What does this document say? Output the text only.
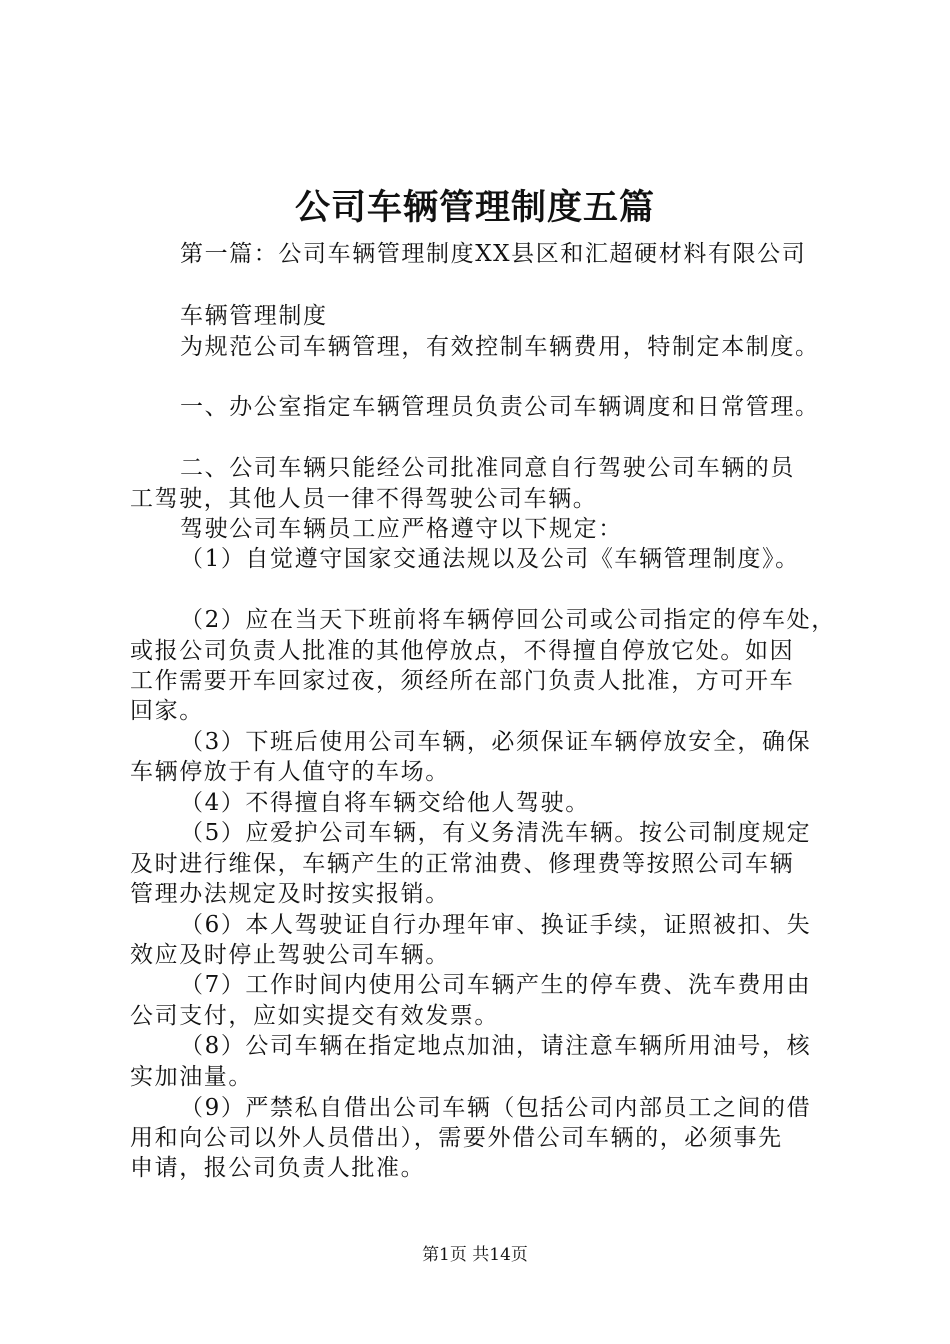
公司车辆管理制度五篇
第一篇：公司车辆管理制度XX县区和汇超硬材料有限公司
车辆管理制度
为规范公司车辆管理，有效控制车辆费用，特制定本制度。
一、办公室指定车辆管理员负责公司车辆调度和日常管理。
二、公司车辆只能经公司批准同意自行驾驶公司车辆的员
工驾驶，其他人员一律不得驾驶公司车辆。
驾驶公司车辆员工应严格遵守以下规定：
（1）自觉遵守国家交通法规以及公司《车辆管理制度》。
（2）应在当天下班前将车辆停回公司或公司指定的停车处，
或报公司负责人批准的其他停放点，不得擅自停放它处。如因
工作需要开车回家过夜，须经所在部门负责人批准，方可开车
回家。
（3）下班后使用公司车辆，必须保证车辆停放安全，确保
车辆停放于有人值守的车场。
（4）不得擅自将车辆交给他人驾驶。
（5）应爱护公司车辆，有义务清洗车辆。按公司制度规定
及时进行维保，车辆产生的正常油费、修理费等按照公司车辆
管理办法规定及时按实报销。
（6）本人驾驶证自行办理年审、换证手续，证照被扣、失
效应及时停止驾驶公司车辆。
（7）工作时间内使用公司车辆产生的停车费、洗车费用由
公司支付，应如实提交有效发票。
（8）公司车辆在指定地点加油，请注意车辆所用油号，核
实加油量。
（9）严禁私自借出公司车辆（包括公司内部员工之间的借
用和向公司以外人员借出），需要外借公司车辆的，必须事先
申请，报公司负责人批准。
第1页 共14页
